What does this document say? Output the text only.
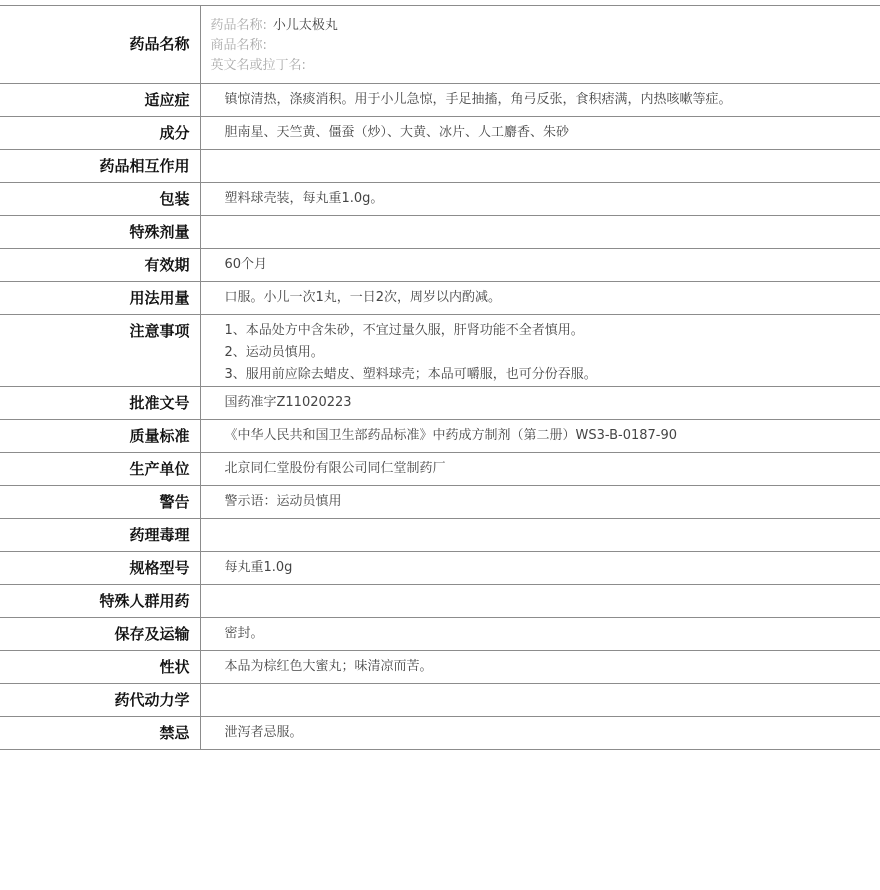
药品名称	药品名称: 小儿太极丸
商品名称:
英文名或拉丁名:

适应症	镇惊清热，涤痰消积。用于小儿急惊，手足抽搐，角弓反张，食积痞满，内热咳嗽等症。
成分	胆南星、天竺黄、僵蚕（炒）、大黄、冰片、人工麝香、朱砂
药品相互作用	
包装	塑料球壳装，每丸重1.0g。
特殊剂量	
有效期	60个月
用法用量	口服。小儿一次1丸，一日2次，周岁以内酌减。
注意事项	1、本品处方中含朱砂，不宜过量久服，肝肾功能不全者慎用。
2、运动员慎用。
3、服用前应除去蜡皮、塑料球壳；本品可嚼服，也可分份吞服。

批准文号	国药准字Z11020223
质量标准	《中华人民共和国卫生部药品标准》中药成方制剂（第二册）WS3-B-0187-90
生产单位	北京同仁堂股份有限公司同仁堂制药厂
警告	警示语：运动员慎用
药理毒理	
规格型号	每丸重1.0g
特殊人群用药	
保存及运输	密封。
性状	本品为棕红色大蜜丸；味清凉而苦。
药代动力学	
禁忌	泄泻者忌服。
